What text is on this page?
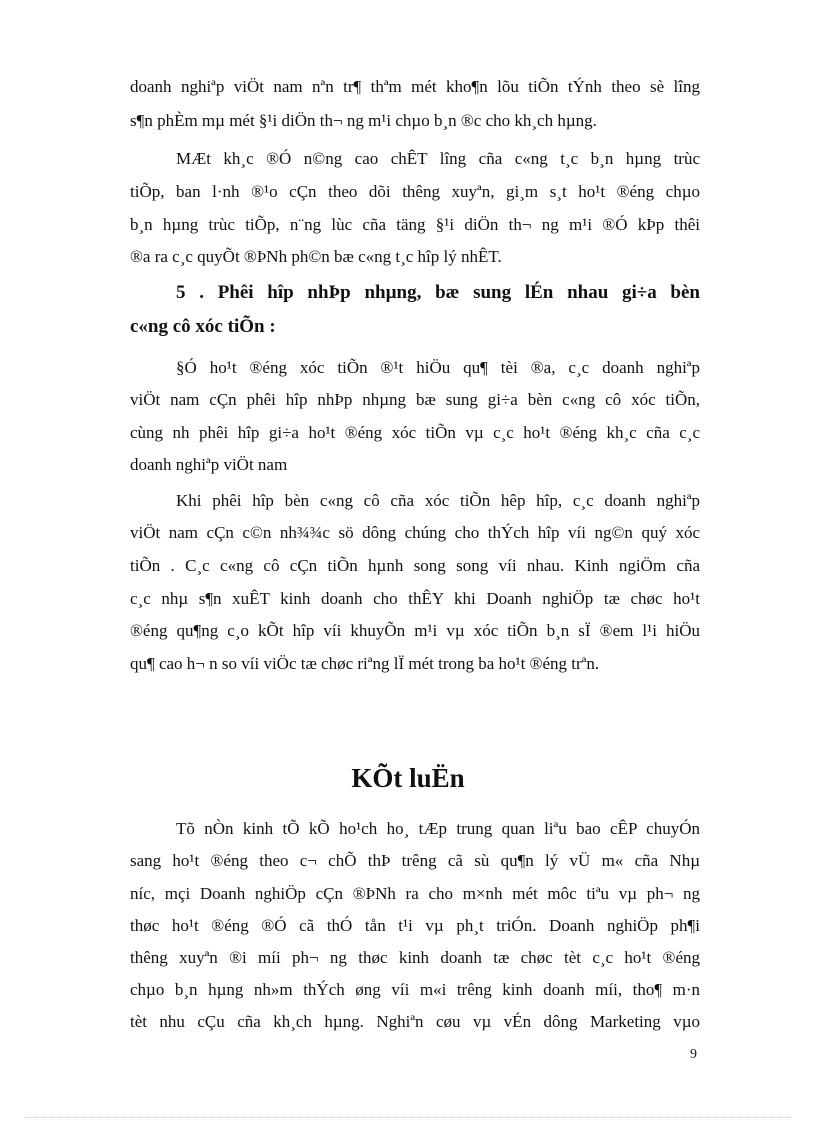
doanh nghiªp viÖt nam nªn tr¶ thªm mét kho¶n lõu tiÕn tÝnh theo sè lîng
s¶n phÈm mµ mét §¹i diÖn th¬ ng m¹i chµo b¸n ®c cho kh¸ch hµng.
MÆt kh¸c ®Ó n©ng cao chÊT lîng cña c«ng t¸c b¸n hµng trùc
tiÕp, ban l·nh ®¹o cÇn theo dõi thêng xuyªn, gi¸m s¸t ho¹t ®éng chµo
b¸n hµng trùc tiÕp, n¨ng lùc cña täng §¹i diÖn th¬ ng m¹i ®Ó kÞp thêi
®a ra c¸c quyÕt ®ÞNh ph©n bæ c«ng t¸c hîp lý nhÊT.
5 . Phêi hîp nhÞp nhµng, bæ sung lÉn nhau gi÷a bèn
c«ng cô xóc tiÕn :
§Ó ho¹t ®éng xóc tiÕn ®¹t hiÖu qu¶ tèi ®a, c¸c doanh nghiªp
viÖt nam cÇn phêi hîp nhÞp nhµng bæ sung gi÷a bèn c«ng cô xóc tiÕn,
cùng nh phêi hîp gi÷a ho¹t ®éng xóc tiÕn vµ c¸c ho¹t ®éng kh¸c cña c¸c
doanh nghiªp viÖt nam
Khi phêi hîp bèn c«ng cô cña xóc tiÕn hêp hîp, c¸c doanh nghiªp
viÖt nam cÇn c©n nh¾¾c sö dông chúng cho thÝch hîp víi ng©n quý xóc
tiÕn . C¸c c«ng cô cÇn tiÕn hµnh song song víi nhau. Kinh ngiÖm cña
c¸c nhµ s¶n xuÊT kinh doanh cho thÊY khi Doanh nghiÖp tæ chøc ho¹t
®éng qu¶ng c¸o kÕt hîp víi khuyÕn m¹i vµ xóc tiÕn b¸n sÏ ®em l¹i hiÖu
qu¶ cao h¬ n so víi viÖc tæ chøc riªng lÏ mét trong ba ho¹t ®éng trªn.
KÕt luËn
Tõ nÒn kinh tÕ kÕ ho¹ch ho¸ tÆp trung quan liªu bao cÊP chuyÓn
sang ho¹t ®éng theo c¬ chÕ thÞ trêng cã sù qu¶n lý vÜ m« cña Nhµ
níc, mçi Doanh nghiÖp cÇn ®ÞNh ra cho m×nh mét môc tiªu vµ ph¬ ng
thøc ho¹t ®éng ®Ó cã thÓ tån t¹i vµ ph¸t triÓn. Doanh nghiÖp ph¶i
thêng xuyªn ®i míi ph¬ ng thøc kinh doanh tæ chøc tèt c¸c ho¹t ®éng
chµo b¸n hµng nh»m thÝch øng víi m«i trêng kinh doanh míi, tho¶ m·n
tèt nhu cÇu cña kh¸ch hµng. Nghiªn cøu vµ vÉn dông Marketing vµo
9
